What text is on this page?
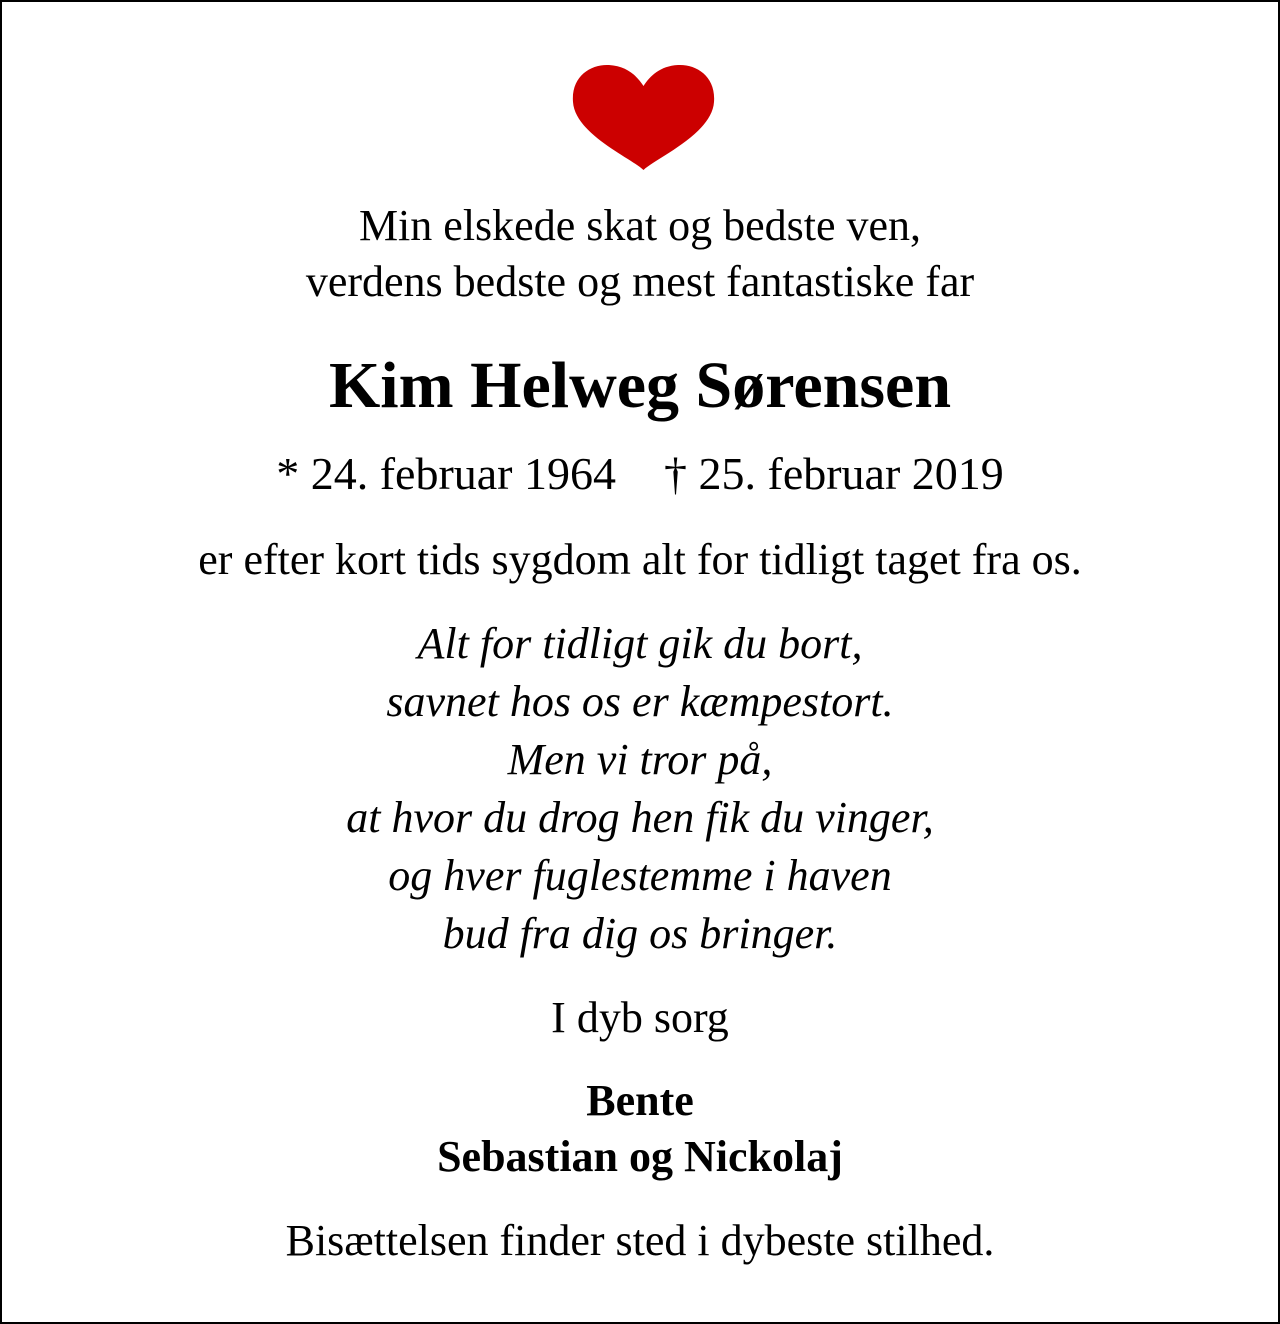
Min elskede skat og bedste ven,
verdens bedste og mest fantastiske far
Kim Helweg Sørensen
* 24. februar 1964 † 25. februar 2019
er efter kort tids sygdom alt for tidligt taget fra os.
Alt for tidligt gik du bort,
savnet hos os er kæmpestort.
Men vi tror på,
at hvor du drog hen fik du vinger,
og hver fuglestemme i haven
bud fra dig os bringer.
I dyb sorg
Bente
Sebastian og Nickolaj
Bisættelsen finder sted i dybeste stilhed.
